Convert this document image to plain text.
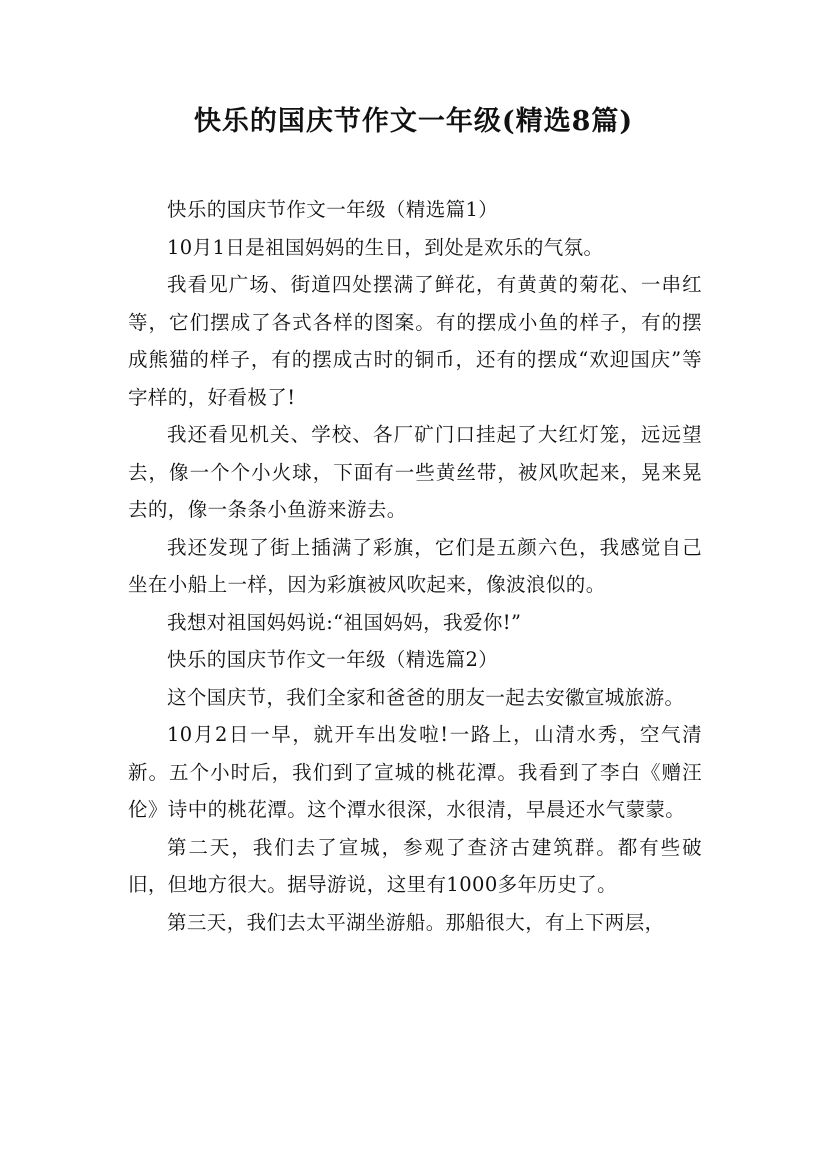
快乐的国庆节作文一年级(精选8篇)

快乐的国庆节作文一年级（精选篇1）

10月1日是祖国妈妈的生日，到处是欢乐的气氛。

我看见广场、街道四处摆满了鲜花，有黄黄的菊花、一串红等，它们摆成了各式各样的图案。有的摆成小鱼的样子，有的摆成熊猫的样子，有的摆成古时的铜币，还有的摆成“欢迎国庆”等字样的，好看极了!

我还看见机关、学校、各厂矿门口挂起了大红灯笼，远远望去，像一个个小火球，下面有一些黄丝带，被风吹起来，晃来晃去的，像一条条小鱼游来游去。

我还发现了街上插满了彩旗，它们是五颜六色，我感觉自己坐在小船上一样，因为彩旗被风吹起来，像波浪似的。

我想对祖国妈妈说:“祖国妈妈，我爱你!”

快乐的国庆节作文一年级（精选篇2）

这个国庆节，我们全家和爸爸的朋友一起去安徽宣城旅游。

10月2日一早，就开车出发啦!一路上，山清水秀，空气清新。五个小时后，我们到了宣城的桃花潭。我看到了李白《赠汪伦》诗中的桃花潭。这个潭水很深，水很清，早晨还水气蒙蒙。

第二天，我们去了宣城，参观了查济古建筑群。都有些破旧，但地方很大。据导游说，这里有1000多年历史了。

第三天，我们去太平湖坐游船。那船很大，有上下两层，
